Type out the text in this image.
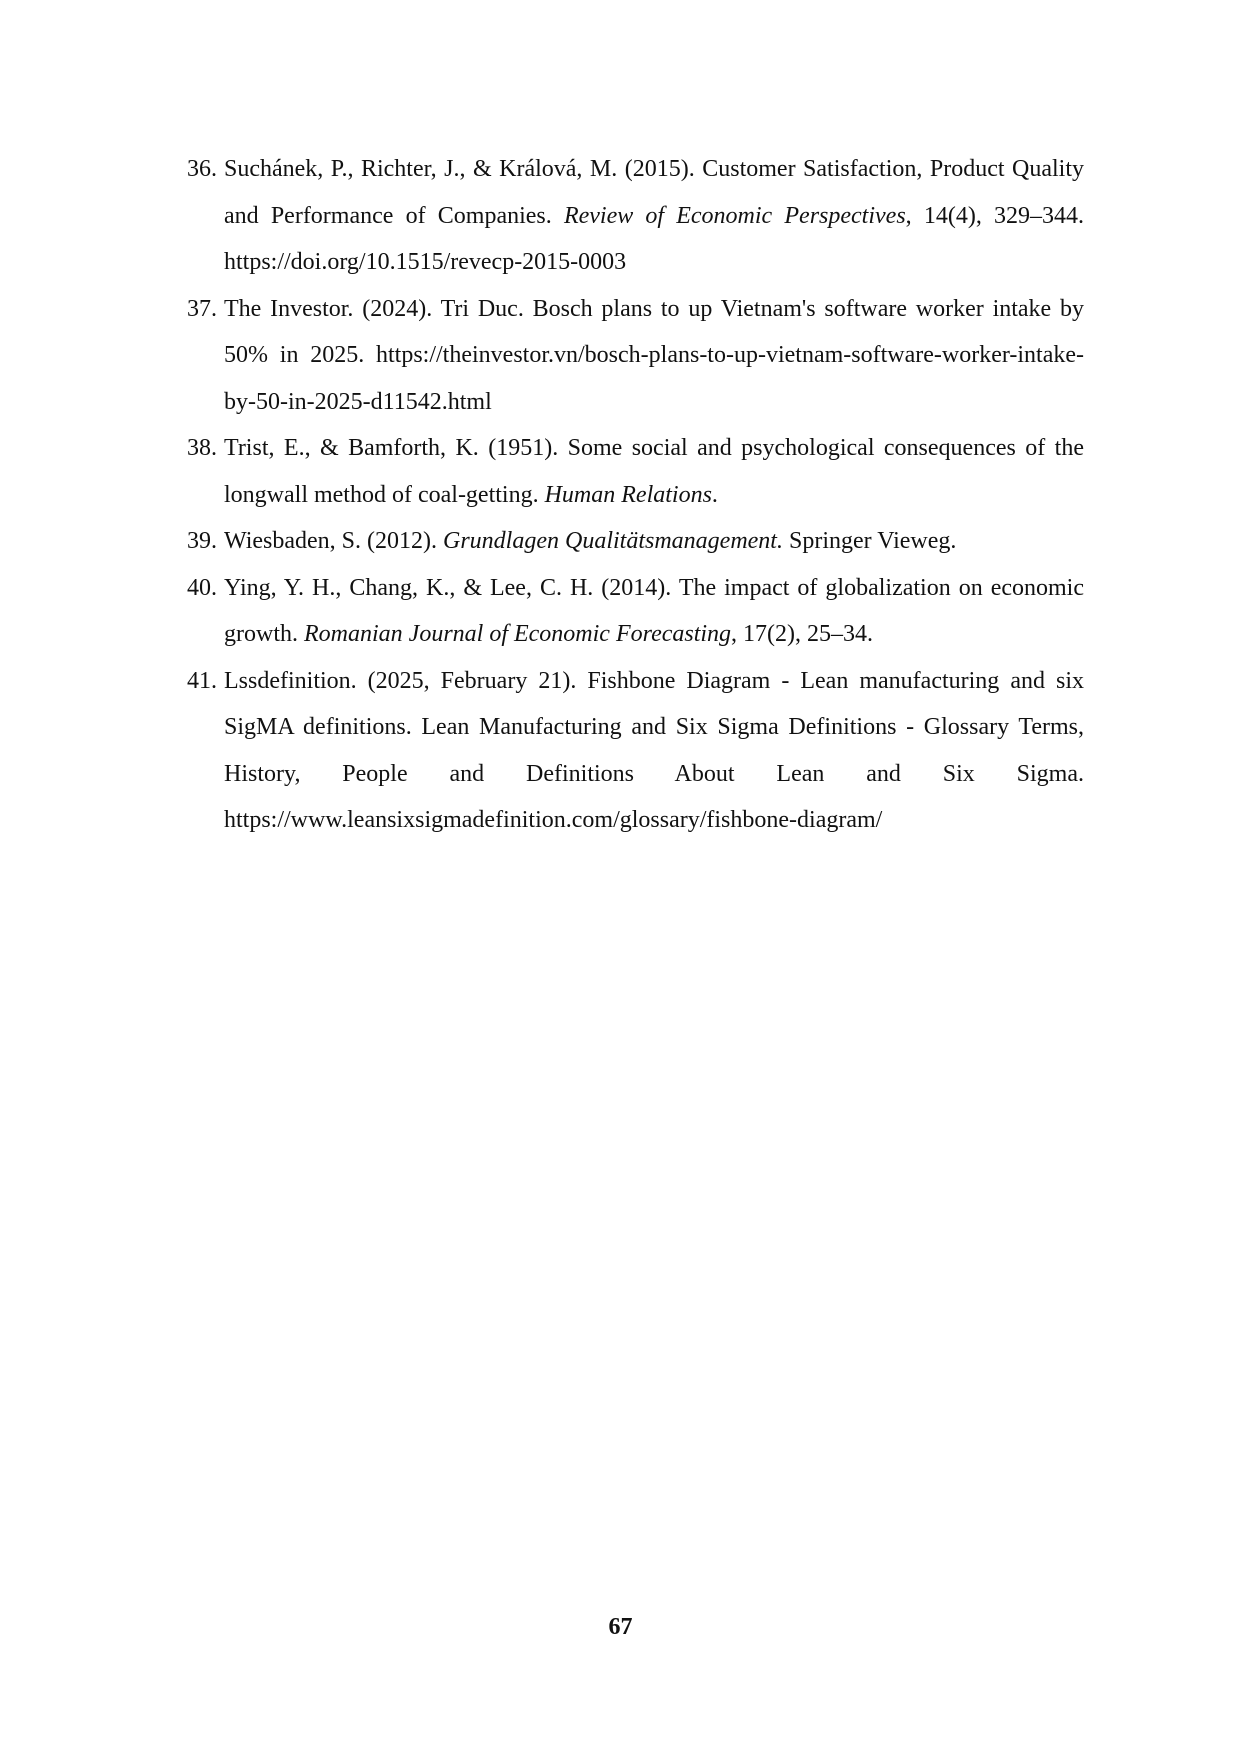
36. Suchánek, P., Richter, J., & Králová, M. (2015). Customer Satisfaction, Product Quality and Performance of Companies. Review of Economic Perspectives, 14(4), 329–344. https://doi.org/10.1515/revecp-2015-0003
37. The Investor. (2024). Tri Duc. Bosch plans to up Vietnam's software worker intake by 50% in 2025. https://theinvestor.vn/bosch-plans-to-up-vietnam-software-worker-intake-by-50-in-2025-d11542.html
38. Trist, E., & Bamforth, K. (1951). Some social and psychological consequences of the longwall method of coal-getting. Human Relations.
39. Wiesbaden, S. (2012). Grundlagen Qualitätsmanagement. Springer Vieweg.
40. Ying, Y. H., Chang, K., & Lee, C. H. (2014). The impact of globalization on economic growth. Romanian Journal of Economic Forecasting, 17(2), 25–34.
41. Lssdefinition. (2025, February 21). Fishbone Diagram - Lean manufacturing and six SigMA definitions. Lean Manufacturing and Six Sigma Definitions - Glossary Terms, History, People and Definitions About Lean and Six Sigma. https://www.leansixsigmadefinition.com/glossary/fishbone-diagram/
67
